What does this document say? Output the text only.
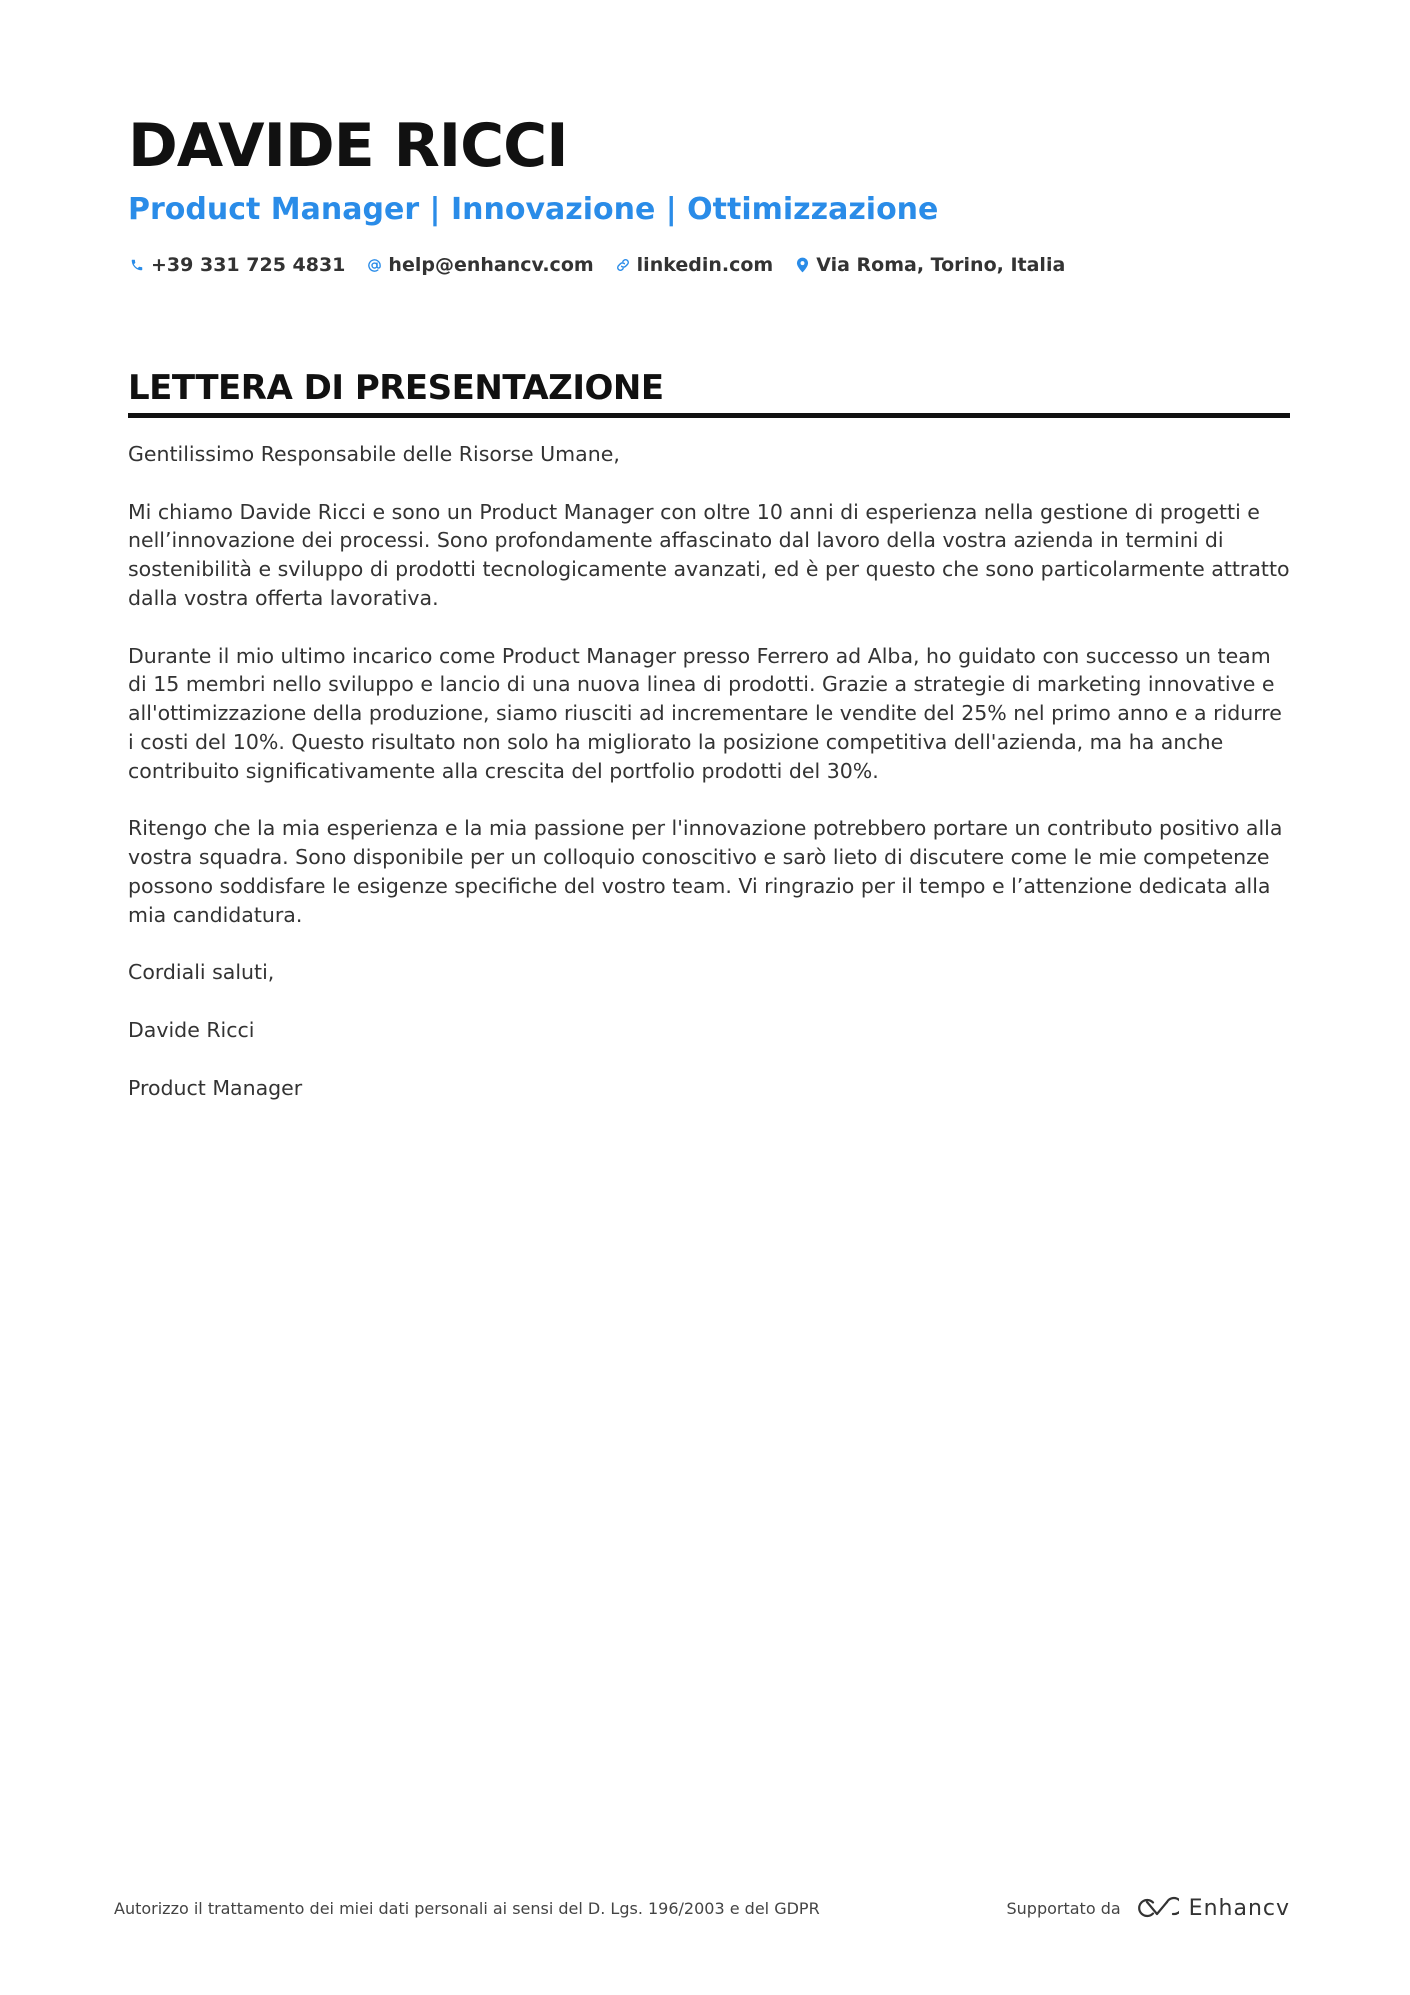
DAVIDE RICCI
Product Manager | Innovazione | Ottimizzazione
+39 331 725 4831 help@enhancv.com linkedin.com Via Roma, Torino, Italia
LETTERA DI PRESENTAZIONE

Gentilissimo Responsabile delle Risorse Umane,

Mi chiamo Davide Ricci e sono un Product Manager con oltre 10 anni di esperienza nella gestione di progetti e nell’innovazione dei processi. Sono profondamente affascinato dal lavoro della vostra azienda in termini di sostenibilità e sviluppo di prodotti tecnologicamente avanzati, ed è per questo che sono particolarmente attratto dalla vostra offerta lavorativa.

Durante il mio ultimo incarico come Product Manager presso Ferrero ad Alba, ho guidato con successo un team di 15 membri nello sviluppo e lancio di una nuova linea di prodotti. Grazie a strategie di marketing innovative e all'ottimizzazione della produzione, siamo riusciti ad incrementare le vendite del 25% nel primo anno e a ridurre i costi del 10%. Questo risultato non solo ha migliorato la posizione competitiva dell'azienda, ma ha anche contribuito significativamente alla crescita del portfolio prodotti del 30%.

Ritengo che la mia esperienza e la mia passione per l'innovazione potrebbero portare un contributo positivo alla vostra squadra. Sono disponibile per un colloquio conoscitivo e sarò lieto di discutere come le mie competenze possono soddisfare le esigenze specifiche del vostro team. Vi ringrazio per il tempo e l’attenzione dedicata alla mia candidatura.

Cordiali saluti,

Davide Ricci

Product Manager

Autorizzo il trattamento dei miei dati personali ai sensi del D. Lgs. 196/2003 e del GDPR	Supportato da	Enhancv
